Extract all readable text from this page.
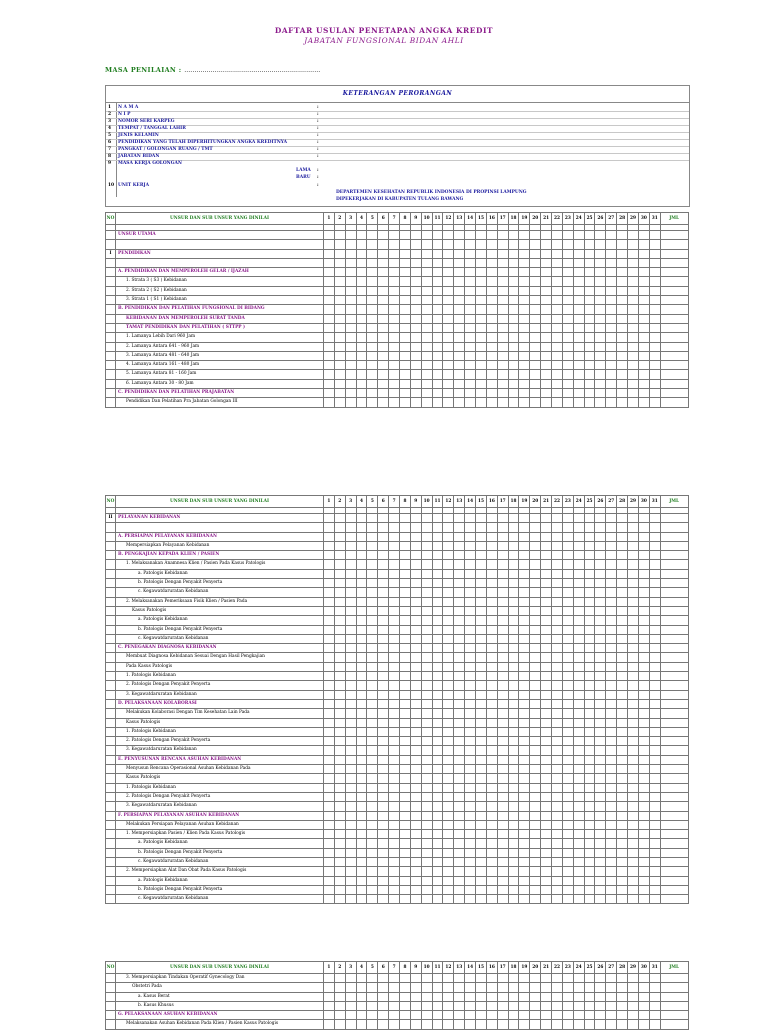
DAFTAR USULAN PENETAPAN ANGKA KREDIT
JABATAN FUNGSIONAL BIDAN AHLI
MASA PENILAIAN : ...................................................................
KETERANGAN PERORANGAN
1 N A M A	:
2 N I P	:
3 NOMOR SERI KARPEG	:
4 TEMPAT / TANGGAL LAHIR	:
5 JENIS KELAMIN	:
6 PENDIDIKAN YANG TELAH DIPERHITUNGKAN ANGKA KREDITNYA	:
7 PANGKAT / GOLONGAN RUANG / TMT	:
8 JABATAN BIDAN	:
9 MASA KERJA GOLONGAN
LAMA :
BARU :
10 UNIT KERJA	:
DEPARTEMEN KESEHATAN REPUBLIK INDONESIA DI PROPINSI LAMPUNG
DIPEKERJAKAN DI KABUPATEN TULANG BAWANG
NO	UNSUR DAN SUB UNSUR YANG DINILAI	1	2	3	4	5	6	7	8	9	10	11	12	13	14	15	16	17	18	19	20	21	22	23	24	25	26	27	28	29	30	31	JML

	UNSUR UTAMA																																

I	PENDIDIKAN																																

	A. PENDIDIKAN DAN MEMPEROLEH GELAR / IJAZAH																																
	1. Strata 3 ( S3 ) Kebidanan																																
	2. Strata 2 ( S2 ) Kebidanan																																
	3. Strata 1 ( S1 ) Kebidanan																																
	B. PENDIDIKAN DAN PELATIHAN FUNGSIONAL DI BIDANG																																
	KEBIDANAN DAN MEMPEROLEH SURAT TANDA																																
	TAMAT PENDIDIKAN DAN PELATIHAN ( STTPP )																																
	1. Lamanya Lebih Dari 960 Jam																																
	2. Lamanya Antara 641 - 960 Jam																																
	3. Lamanya Antara 481 - 640 Jam																																
	4. Lamanya Antara 161 - 480 Jam																																
	5. Lamanya Antara 81 - 160 Jam																																
	6. Lamanya Antara 30 - 80 Jam																																
	C. PENDIDIKAN DAN PELATIHAN PRAJABATAN																																
	Pendidikan Dan Pelatihan Pra Jabatan Golongan III																																
NO	UNSUR DAN SUB UNSUR YANG DINILAI	1	2	3	4	5	6	7	8	9	10	11	12	13	14	15	16	17	18	19	20	21	22	23	24	25	26	27	28	29	30	31	JML

II	PELAYANAN KEBIDANAN																																

	A. PERSIAPAN PELAYANAN KEBIDANAN																																
	Mempersiapkan Pelayanan Kebidanan																																
	B. PENGKAJIAN KEPADA KLIEN / PASIEN																																
	1. Melaksanakan Anamnesa Klien / Pasien Pada Kasus Patologis																																
	a. Patologis Kebidanan																																
	b. Patologis Dengan Penyakit Penyerta																																
	c. Kegawatdaruratan Kebidanan																																
	2. Melaksanakan Pemeriksaan Fisik Klien / Pasien Pada																																
	Kasus Patologis																																
	a. Patologis Kebidanan																																
	b. Patologis Dengan Penyakit Penyerta																																
	c. Kegawatdaruratan Kebidanan																																
	C. PENEGAKAN DIAGNOSA KEBIDANAN																																
	Membuat Diagnosa Kebidanan Sesuai Dengan Hasil Pengkajian																																
	Pada Kasus Patologis																																
	1. Patologis Kebidanan																																
	2. Patologis Dengan Penyakit Penyerta																																
	3. Kegawatdaruratan Kebidanan																																
	D. PELAKSANAAN KOLABORASI																																
	Melakukan Kolaborasi Dengan Tim Kesehatan Lain Pada																																
	Kasus Patologis																																
	1. Patologis Kebidanan																																
	2. Patologis Dengan Penyakit Penyerta																																
	3. Kegawatdaruratan Kebidanan																																
	E. PENYUSUNAN RENCANA ASUHAN KEBIDANAN																																
	Menyusun Rencana Operasional Asuhan Kebidanan Pada																																
	Kasus Patologis																																
	1. Patologis Kebidanan																																
	2. Patologis Dengan Penyakit Penyerta																																
	3. Kegawatdaruratan Kebidanan																																
	F. PERSIAPAN PELAYANAN ASUHAN KEBIDANAN																																
	Melakukan Persiapan Pelayanan Asuhan Kebidanan																																
	1. Mempersiapkan Pasien / Klien Pada Kasus Patologis																																
	a. Patologis Kebidanan																																
	b. Patologis Dengan Penyakit Penyerta																																
	c. Kegawatdaruratan Kebidanan																																
	2. Mempersiapkan Alat Dan Obat Pada Kasus Patologis																																
	a. Patologis Kebidanan																																
	b. Patologis Dengan Penyakit Penyerta																																
	c. Kegawatdaruratan Kebidanan																																
NO	UNSUR DAN SUB UNSUR YANG DINILAI	1	2	3	4	5	6	7	8	9	10	11	12	13	14	15	16	17	18	19	20	21	22	23	24	25	26	27	28	29	30	31	JML
	3. Mempersiapkan Tindakan Operatif Gynecology Dan																																
	Obstetri Pada																																
	a. Kasus Berat																																
	b. Kasus Khusus																																
	G. PELAKSANAAN ASUHAN KEBIDANAN																																
	Melaksanakan Asuhan Kebidanan Pada Klien / Pasien Kasus Patologis																																
